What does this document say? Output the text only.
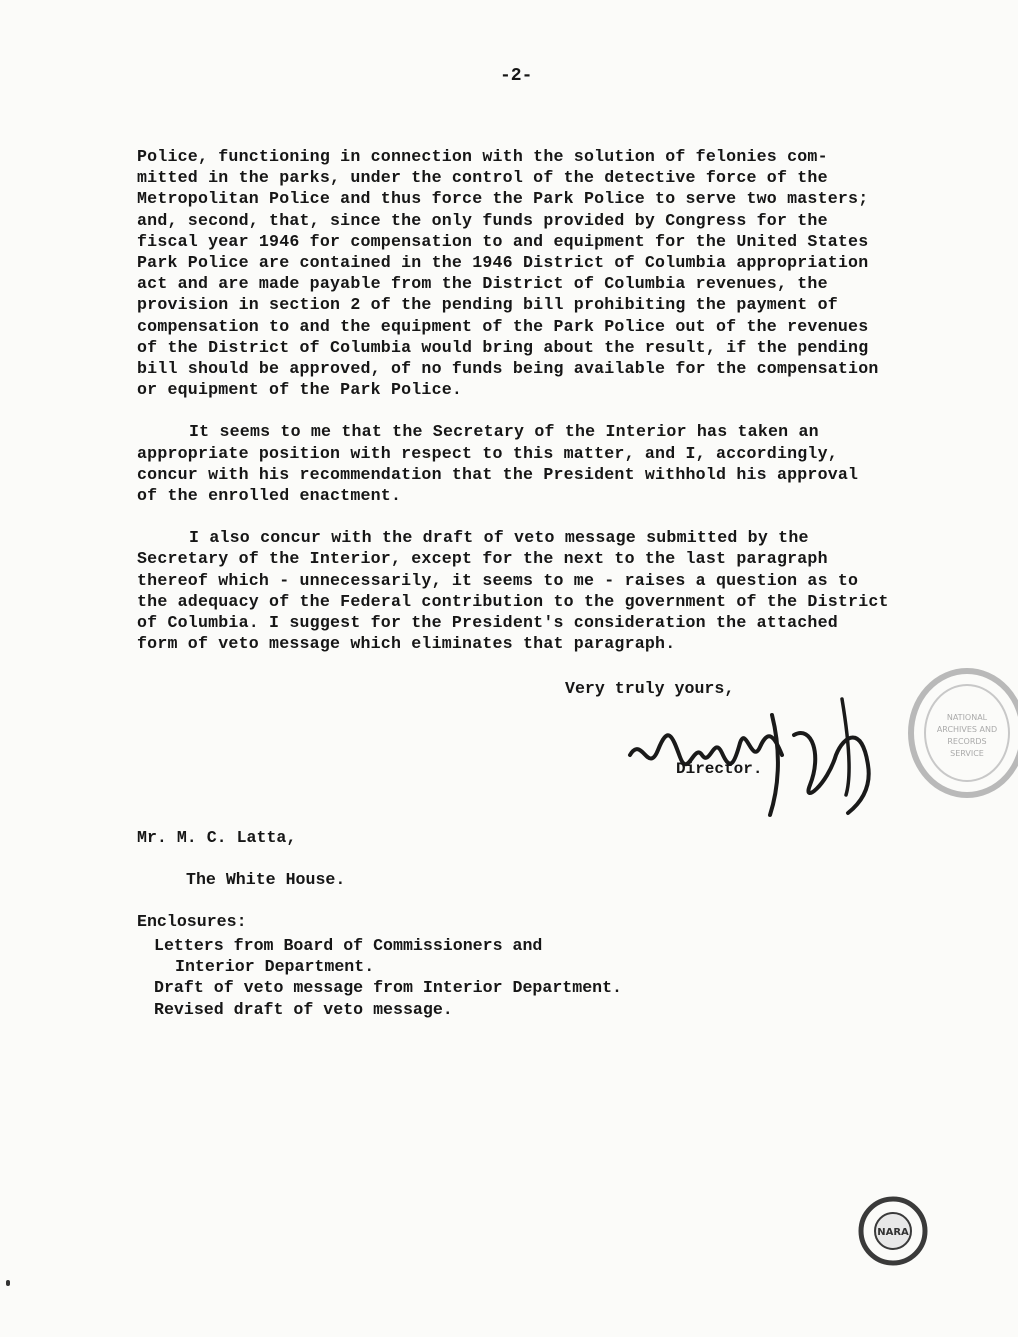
-2-
Police, functioning in connection with the solution of felonies com-
mitted in the parks, under the control of the detective force of the
Metropolitan Police and thus force the Park Police to serve two masters;
and, second, that, since the only funds provided by Congress for the
fiscal year 1946 for compensation to and equipment for the United States
Park Police are contained in the 1946 District of Columbia appropriation
act and are made payable from the District of Columbia revenues, the
provision in section 2 of the pending bill prohibiting the payment of
compensation to and the equipment of the Park Police out of the revenues
of the District of Columbia would bring about the result, if the pending
bill should be approved, of no funds being available for the compensation
or equipment of the Park Police.
It seems to me that the Secretary of the Interior has taken an
appropriate position with respect to this matter, and I, accordingly,
concur with his recommendation that the President withhold his approval
of the enrolled enactment.
I also concur with the draft of veto message submitted by the
Secretary of the Interior, except for the next to the last paragraph
thereof which - unnecessarily, it seems to me - raises a question as to
the adequacy of the Federal contribution to the government of the District
of Columbia. I suggest for the President's consideration the attached
form of veto message which eliminates that paragraph.
Very truly yours,
Director.
Mr. M. C. Latta,
The White House.
Enclosures:
Letters from Board of Commissioners and
Interior Department.
Draft of veto message from Interior Department.
Revised draft of veto message.
NATIONAL
ARCHIVES AND
RECORDS
SERVICE
NARA
